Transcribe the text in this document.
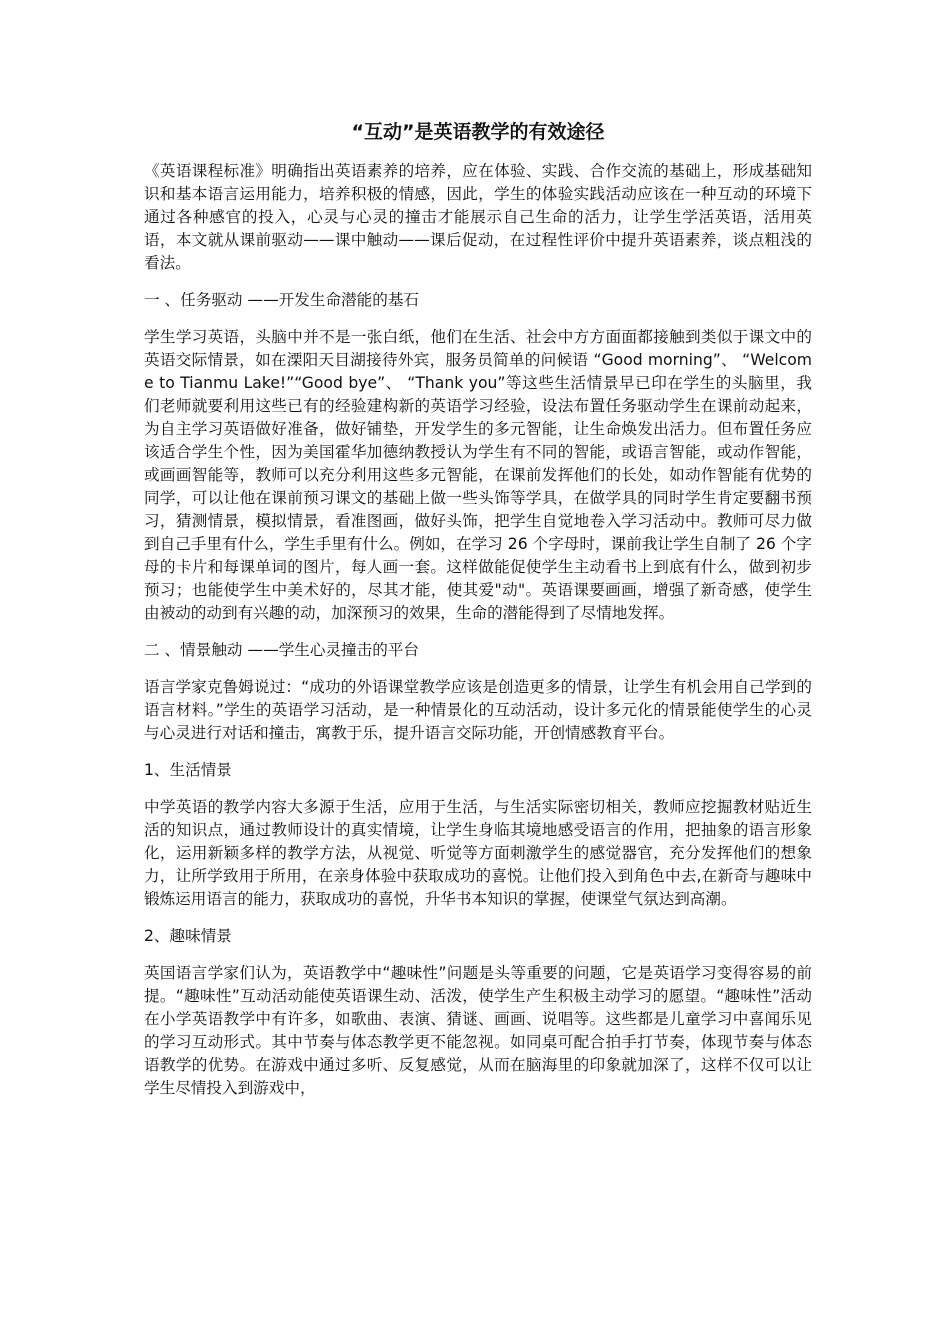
“互动”是英语教学的有效途径

《英语课程标准》明确指出英语素养的培养，应在体验、实践、合作交流的基础上，形成基础知识和基本语言运用能力，培养积极的情感，因此，学生的体验实践活动应该在一种互动的环境下通过各种感官的投入，心灵与心灵的撞击才能展示自己生命的活力，让学生学活英语，活用英语，本文就从课前驱动——课中触动——课后促动，在过程性评价中提升英语素养，谈点粗浅的看法。

一 、任务驱动 ——开发生命潜能的基石

学生学习英语，头脑中并不是一张白纸，他们在生活、社会中方方面面都接触到类似于课文中的英语交际情景，如在溧阳天目湖接待外宾，服务员简单的问候语 “Good morning”、 “Welcome to Tianmu Lake!”“Good bye”、 “Thank you”等这些生活情景早已印在学生的头脑里，我们老师就要利用这些已有的经验建构新的英语学习经验，设法布置任务驱动学生在课前动起来，为自主学习英语做好准备，做好铺垫，开发学生的多元智能，让生命焕发出活力。但布置任务应该适合学生个性，因为美国霍华加德纳教授认为学生有不同的智能，或语言智能，或动作智能，或画画智能等，教师可以充分利用这些多元智能，在课前发挥他们的长处，如动作智能有优势的同学，可以让他在课前预习课文的基础上做一些头饰等学具，在做学具的同时学生肯定要翻书预习，猜测情景，模拟情景，看准图画，做好头饰，把学生自觉地卷入学习活动中。教师可尽力做到自己手里有什么，学生手里有什么。例如，在学习 26 个字母时，课前我让学生自制了 26 个字母的卡片和每课单词的图片，每人画一套。这样做能促使学生主动看书上到底有什么，做到初步预习；也能使学生中美术好的，尽其才能，使其爱"动"。英语课要画画，增强了新奇感，使学生由被动的动到有兴趣的动，加深预习的效果，生命的潜能得到了尽情地发挥。

二 、情景触动 ——学生心灵撞击的平台

语言学家克鲁姆说过：“成功的外语课堂教学应该是创造更多的情景，让学生有机会用自己学到的语言材料。”学生的英语学习活动，是一种情景化的互动活动，设计多元化的情景能使学生的心灵与心灵进行对话和撞击，寓教于乐，提升语言交际功能，开创情感教育平台。

1、生活情景

中学英语的教学内容大多源于生活，应用于生活，与生活实际密切相关，教师应挖掘教材贴近生活的知识点，通过教师设计的真实情境，让学生身临其境地感受语言的作用，把抽象的语言形象化，运用新颖多样的教学方法，从视觉、听觉等方面刺激学生的感觉器官，充分发挥他们的想象力，让所学致用于所用，在亲身体验中获取成功的喜悦。让他们投入到角色中去,在新奇与趣味中锻炼运用语言的能力，获取成功的喜悦，升华书本知识的掌握，使课堂气氛达到高潮。

2、趣味情景

英国语言学家们认为，英语教学中“趣味性”问题是头等重要的问题，它是英语学习变得容易的前提。“趣味性”互动活动能使英语课生动、活泼，使学生产生积极主动学习的愿望。“趣味性”活动在小学英语教学中有许多，如歌曲、表演、猜谜、画画、说唱等。这些都是儿童学习中喜闻乐见的学习互动形式。其中节奏与体态教学更不能忽视。如同桌可配合拍手打节奏，体现节奏与体态语教学的优势。在游戏中通过多听、反复感觉，从而在脑海里的印象就加深了，这样不仅可以让学生尽情投入到游戏中，
